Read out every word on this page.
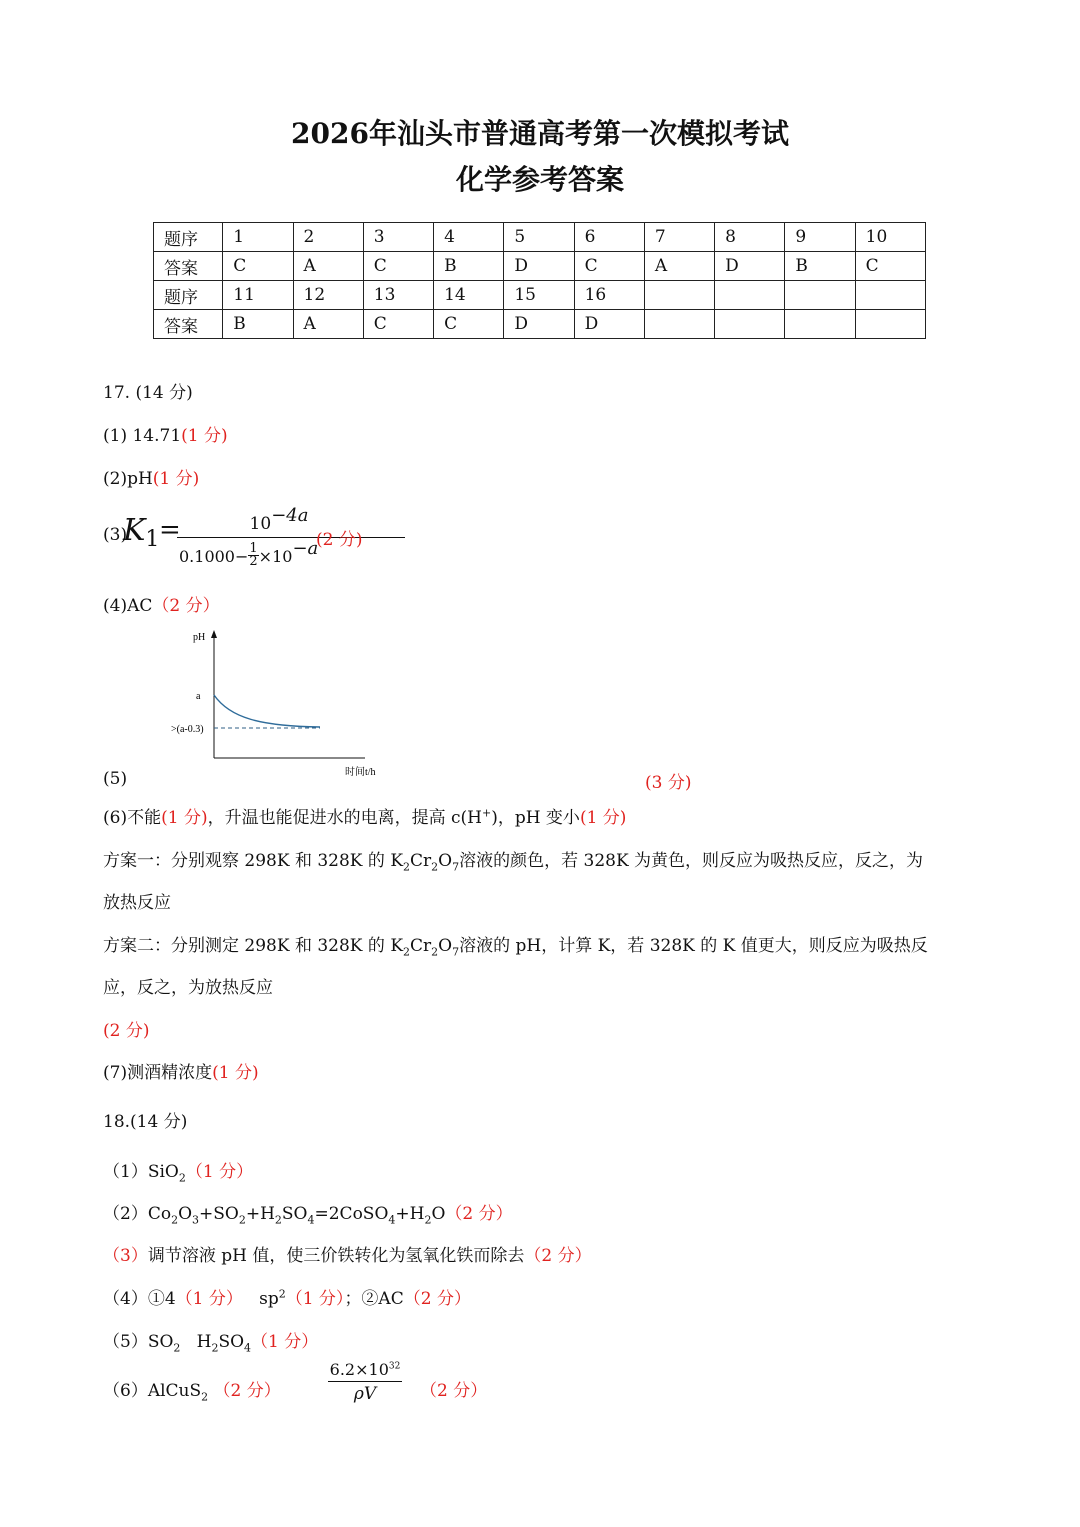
2026年汕头市普通高考第一次模拟考试
化学参考答案
题序	1	2	3	4	5	6	7	8	9	10
答案	C	A	C	B	D	C	A	D	B	C
题序	11	12	13	14	15	16				
答案	B	A	C	C	D	D				
17. (14 分)
(1) 14.71(1 分)
(2)pH(1 分)
(3)
$K_1$ =	10−4a
$0.1000- \frac{1}{2} \times 10-a$
(2 分)
(4)AC（2 分）
pH
a
>(a-0.3)
时间t/h
(5)	(3 分)
(6)不能(1 分)，升温也能促进水的电离，提高 c(H+)，pH 变小(1 分)
方案一：分别观察 298K 和 328K 的 $K_2Cr_2O_7$溶液的颜色，若 328K 为黄色，则反应为吸热反应，反之，为
放热反应
方案二：分别测定 298K 和 328K 的 $K_2Cr_2O_7$溶液的 pH，计算 K，若 328K 的 K 值更大，则反应为吸热反
应，反之，为放热反应
(2 分)
(7)测酒精浓度(1 分)
18.(14 分)
（1）SiO$_2$（1 分）
$(2)Co_2O_3+SO_2+H_2SO_4=2CoSO_4+H_2O(2$ 分）
（3）调节溶液 pH 值，使三价铁转化为氢氧化铁而除去（2 分）
（4）①4（1 分） $sp^2(1$ 分）；②AC（2 分）
$(5)SO_2$ $H_2SO_4(1$ 分）
（6）AlCuS$_2$ （2 分）	$\frac{6.2\times 10^{32}}{\rho V} (2$ 分）
